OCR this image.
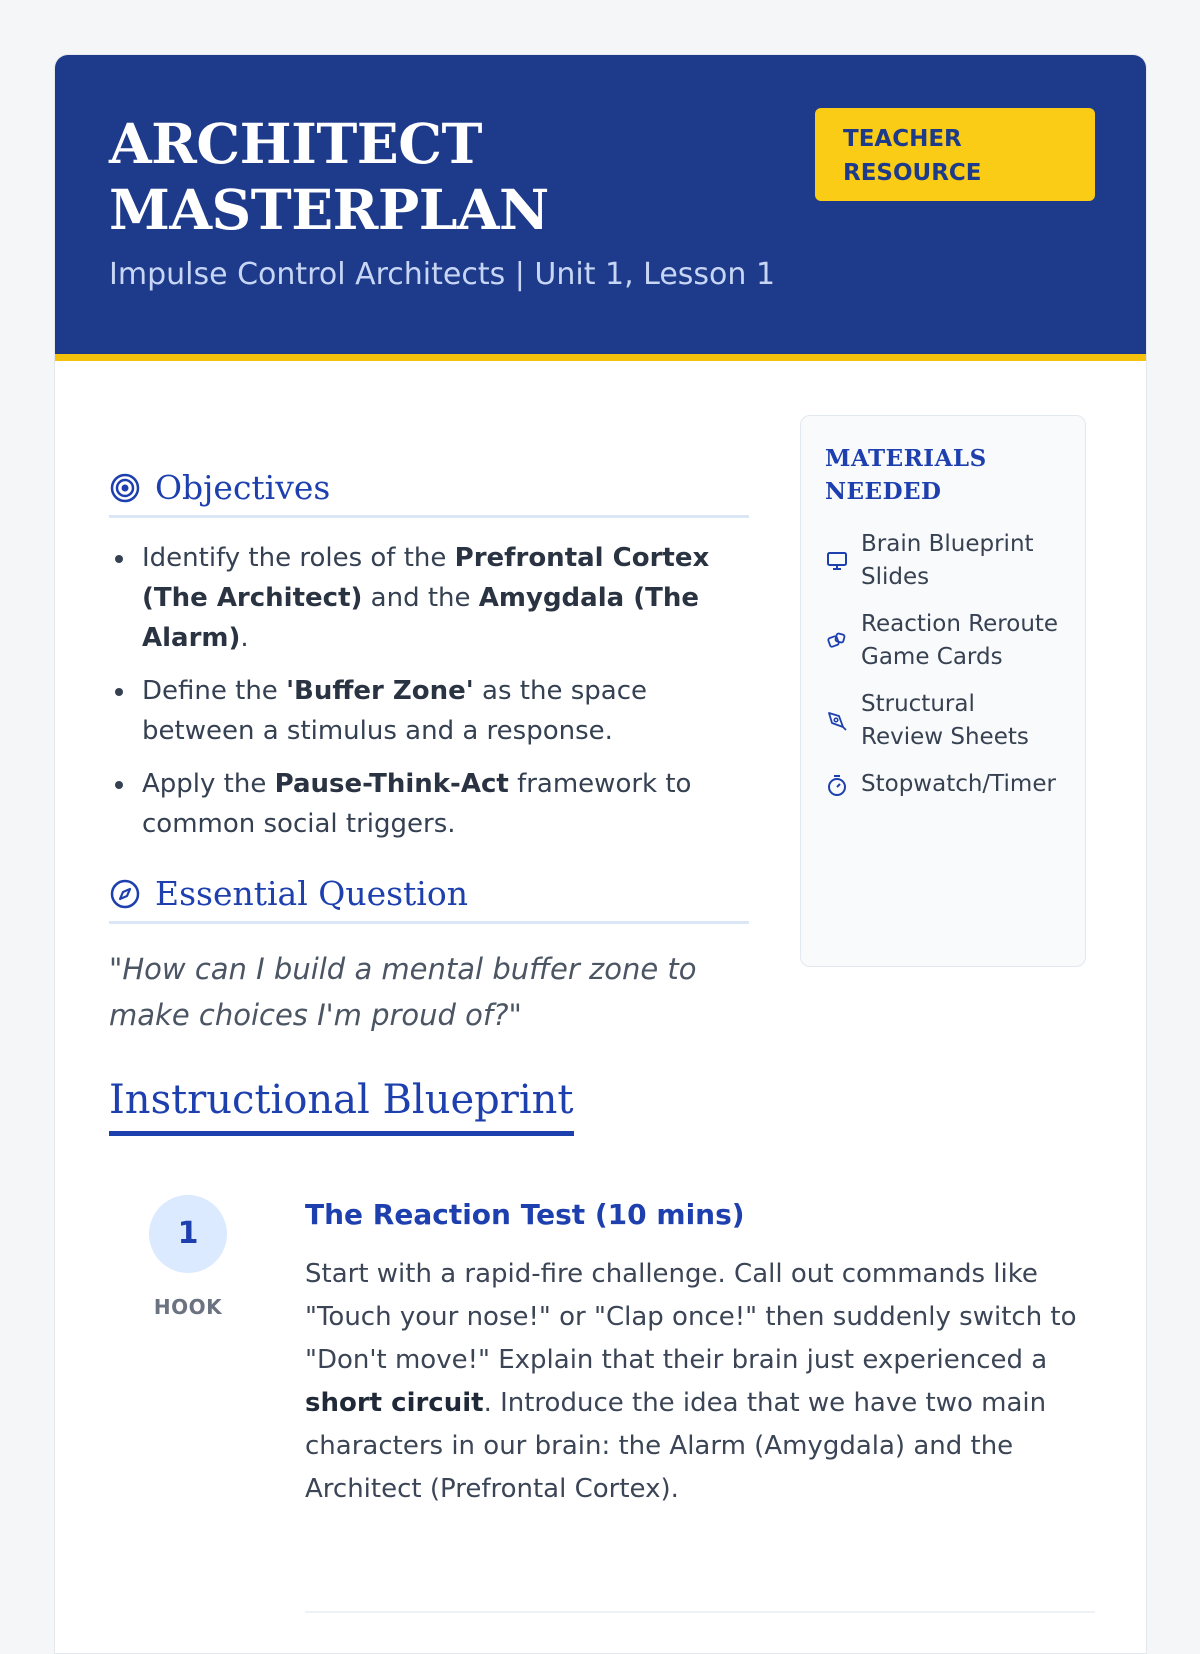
ARCHITECT
MASTERPLAN
Impulse Control Architects | Unit 1, Lesson 1
TEACHER
RESOURCE
Objectives
Identify the roles of the Prefrontal Cortex (The Architect) and the Amygdala (The Alarm).
Define the 'Buffer Zone' as the space between a stimulus and a response.
Apply the Pause-Think-Act framework to common social triggers.
Essential Question
"How can I build a mental buffer zone to make choices I'm proud of?"
MATERIALS
NEEDED
Brain Blueprint Slides
Reaction Reroute Game Cards
Structural Review Sheets
Stopwatch/Timer
Instructional Blueprint
1
HOOK
The Reaction Test (10 mins)
Start with a rapid-fire challenge. Call out commands like "Touch your nose!" or "Clap once!" then suddenly switch to "Don't move!" Explain that their brain just experienced a short circuit. Introduce the idea that we have two main characters in our brain: the Alarm (Amygdala) and the Architect (Prefrontal Cortex).
